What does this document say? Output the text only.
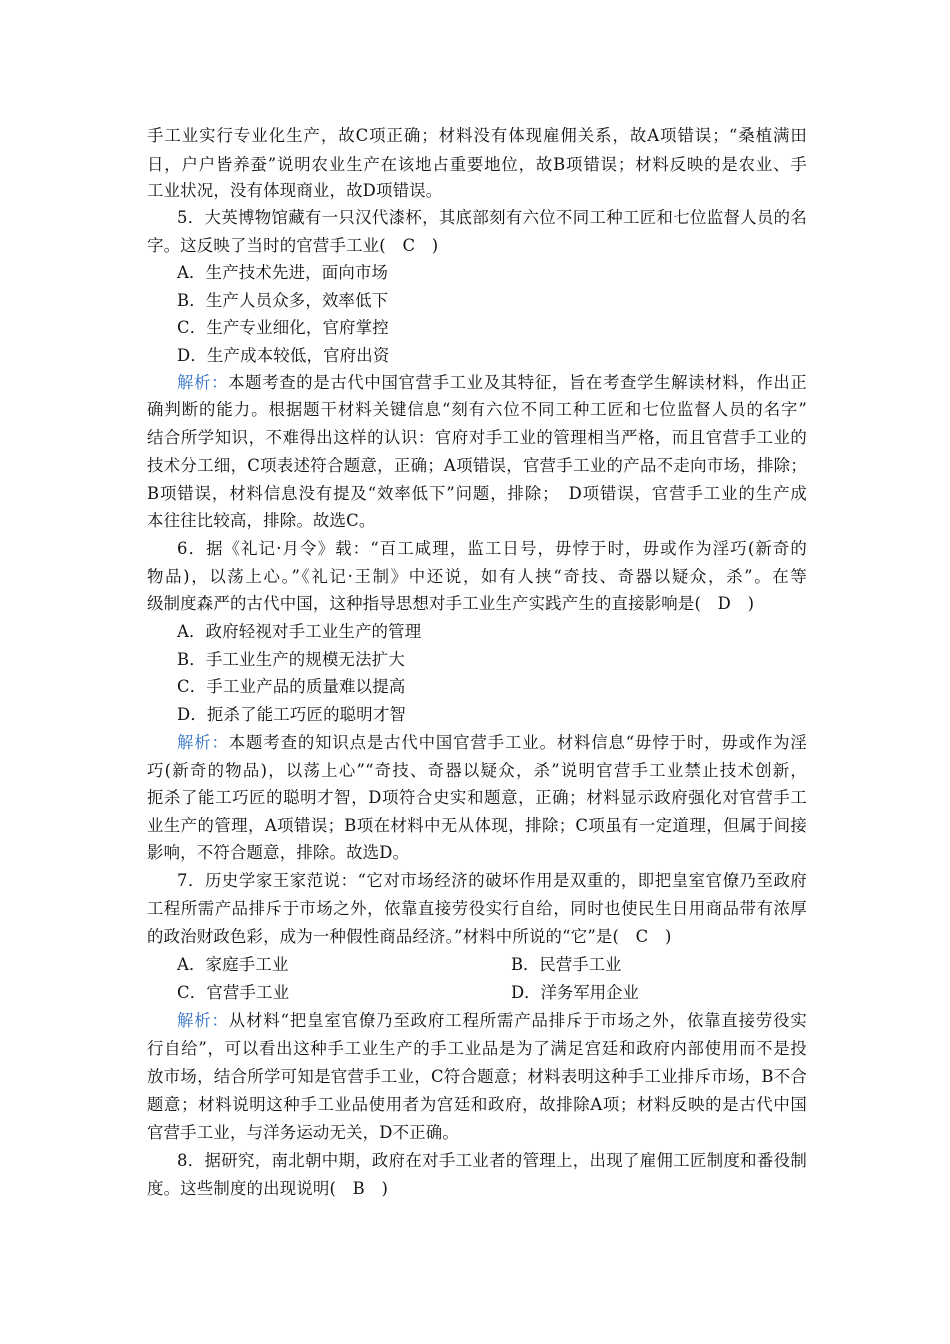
手工业实行专业化生产，故C项正确；材料没有体现雇佣关系，故A项错误；“桑植满田
日，户户皆养蚕”说明农业生产在该地占重要地位，故B项错误；材料反映的是农业、手
工业状况，没有体现商业，故D项错误。
5．大英博物馆藏有一只汉代漆杯，其底部刻有六位不同工种工匠和七位监督人员的名
字。这反映了当时的官营手工业(　C　)
A．生产技术先进，面向市场
B．生产人员众多，效率低下
C．生产专业细化，官府掌控
D．生产成本较低，官府出资
解析：本题考查的是古代中国官营手工业及其特征，旨在考查学生解读材料，作出正
确判断的能力。根据题干材料关键信息“刻有六位不同工种工匠和七位监督人员的名字”
结合所学知识，不难得出这样的认识：官府对手工业的管理相当严格，而且官营手工业的
技术分工细，C项表述符合题意，正确；A项错误，官营手工业的产品不走向市场，排除；
B项错误，材料信息没有提及“效率低下”问题，排除；　D项错误，官营手工业的生产成
本往往比较高，排除。故选C。
6．据《礼记·月令》载：“百工咸理，监工日号，毋悖于时，毋或作为淫巧(新奇的
物品)，以荡上心。”《礼记·王制》中还说，如有人挟“奇技、奇器以疑众，杀”。在等
级制度森严的古代中国，这种指导思想对手工业生产实践产生的直接影响是(　D　)
A．政府轻视对手工业生产的管理
B．手工业生产的规模无法扩大
C．手工业产品的质量难以提高
D．扼杀了能工巧匠的聪明才智
解析：本题考查的知识点是古代中国官营手工业。材料信息“毋悖于时，毋或作为淫
巧(新奇的物品)，以荡上心”“奇技、奇器以疑众，杀”说明官营手工业禁止技术创新，
扼杀了能工巧匠的聪明才智，D项符合史实和题意，正确；材料显示政府强化对官营手工
业生产的管理，A项错误；B项在材料中无从体现，排除；C项虽有一定道理，但属于间接
影响，不符合题意，排除。故选D。
7．历史学家王家范说：“它对市场经济的破坏作用是双重的，即把皇室官僚乃至政府
工程所需产品排斥于市场之外，依靠直接劳役实行自给，同时也使民生日用商品带有浓厚
的政治财政色彩，成为一种假性商品经济。”材料中所说的“它”是(　C　)
A．家庭手工业	B．民营手工业
C．官营手工业	D．洋务军用企业
解析：从材料“把皇室官僚乃至政府工程所需产品排斥于市场之外，依靠直接劳役实
行自给”，可以看出这种手工业生产的手工业品是为了满足宫廷和政府内部使用而不是投
放市场，结合所学可知是官营手工业，C符合题意；材料表明这种手工业排斥市场，B不合
题意；材料说明这种手工业品使用者为宫廷和政府，故排除A项；材料反映的是古代中国
官营手工业，与洋务运动无关，D不正确。
8．据研究，南北朝中期，政府在对手工业者的管理上，出现了雇佣工匠制度和番役制
度。这些制度的出现说明(　B　)
